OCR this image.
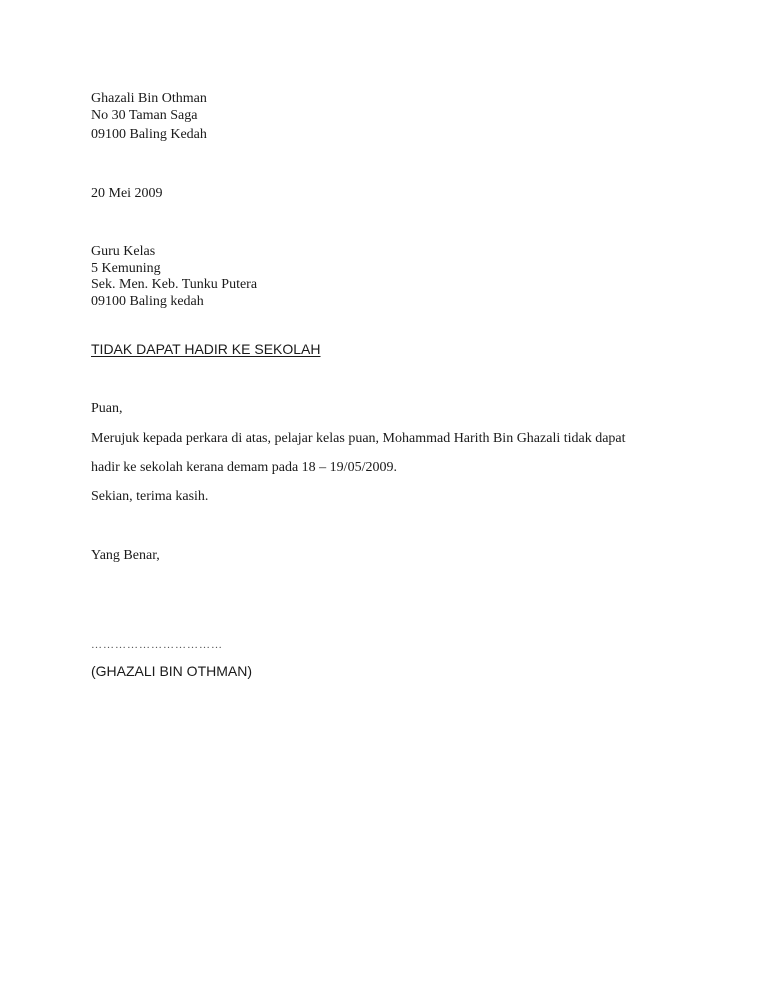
Ghazali Bin Othman
No 30 Taman Saga
09100 Baling Kedah
20 Mei 2009
Guru Kelas
5 Kemuning
Sek. Men. Keb. Tunku Putera
09100 Baling kedah
TIDAK DAPAT HADIR KE SEKOLAH
Puan,
Merujuk kepada perkara di atas, pelajar kelas puan, Mohammad Harith Bin Ghazali tidak dapat
hadir ke sekolah kerana demam pada 18 – 19/05/2009.
Sekian, terima kasih.
Yang Benar,
……………………………
(GHAZALI BIN OTHMAN)
